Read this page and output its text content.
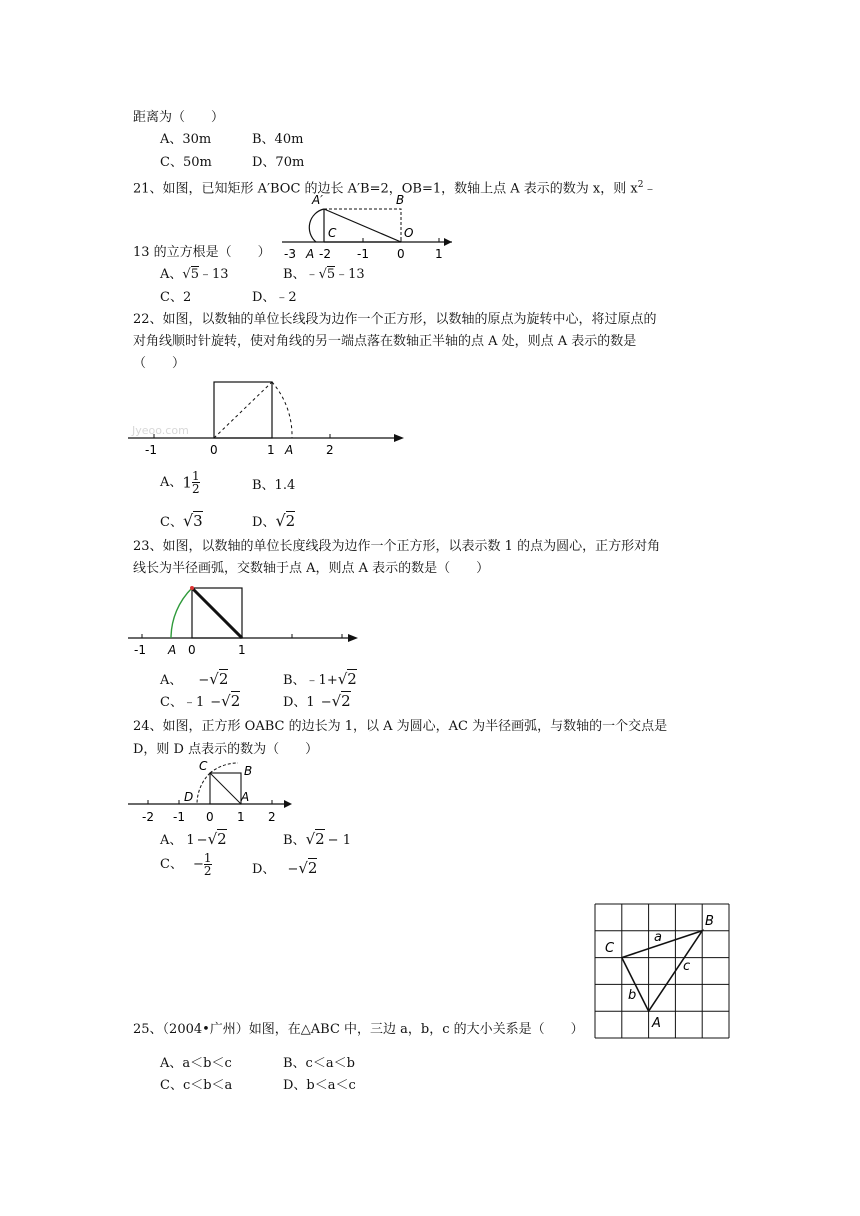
距离为（　　）
A、30m	B、40m
C、50m	D、70m
21、如图，已知矩形 A′BOC 的边长 A′B=2，OB=1，数轴上点 A 表示的数为 x，则 $x^2﹣$
A′	B
C	O
-3 A -2 -1 0	1
13 的立方根是（　　）
A、√5﹣13	B、﹣√5﹣13
C、2	D、﹣2
22、如图，以数轴的单位长线段为边作一个正方形，以数轴的原点为旋转中心，将过原点的
对角线顺时针旋转，使对角线的另一端点落在数轴正半轴的点 A 处，则点 A 表示的数是
（　　）
Jyeoo.com
-1	0	1 A	2
A、$1 \frac{1}{2}$	B、1.4
C、√3	D、√2
23、如图，以数轴的单位长度线段为边作一个正方形，以表示数 1 的点为圆心，正方形对角
线长为半径画弧，交数轴于点 A，则点 A 表示的数是（　　）
-1 A 0	1
A、 −√2	B、﹣1+√2
C、﹣1 −√2	D、1 −√2
24、如图，正方形 OABC 的边长为 1，以 A 为圆心，AC 为半径画弧，与数轴的一个交点是
D，则 D 点表示的数为（　　）
C	B
D	A
-2 -1 0 1 2
A、 1 −√2	B、√2 − 1
C、 − $\frac{1}{2}$	D、 −√2
B
C
A
a
b
c
25、（2004•广州）如图，在△ABC 中，三边 a，b，c 的大小关系是（　　）
A、a＜b＜c	B、c＜a＜b
C、c＜b＜a	D、b＜a＜c
